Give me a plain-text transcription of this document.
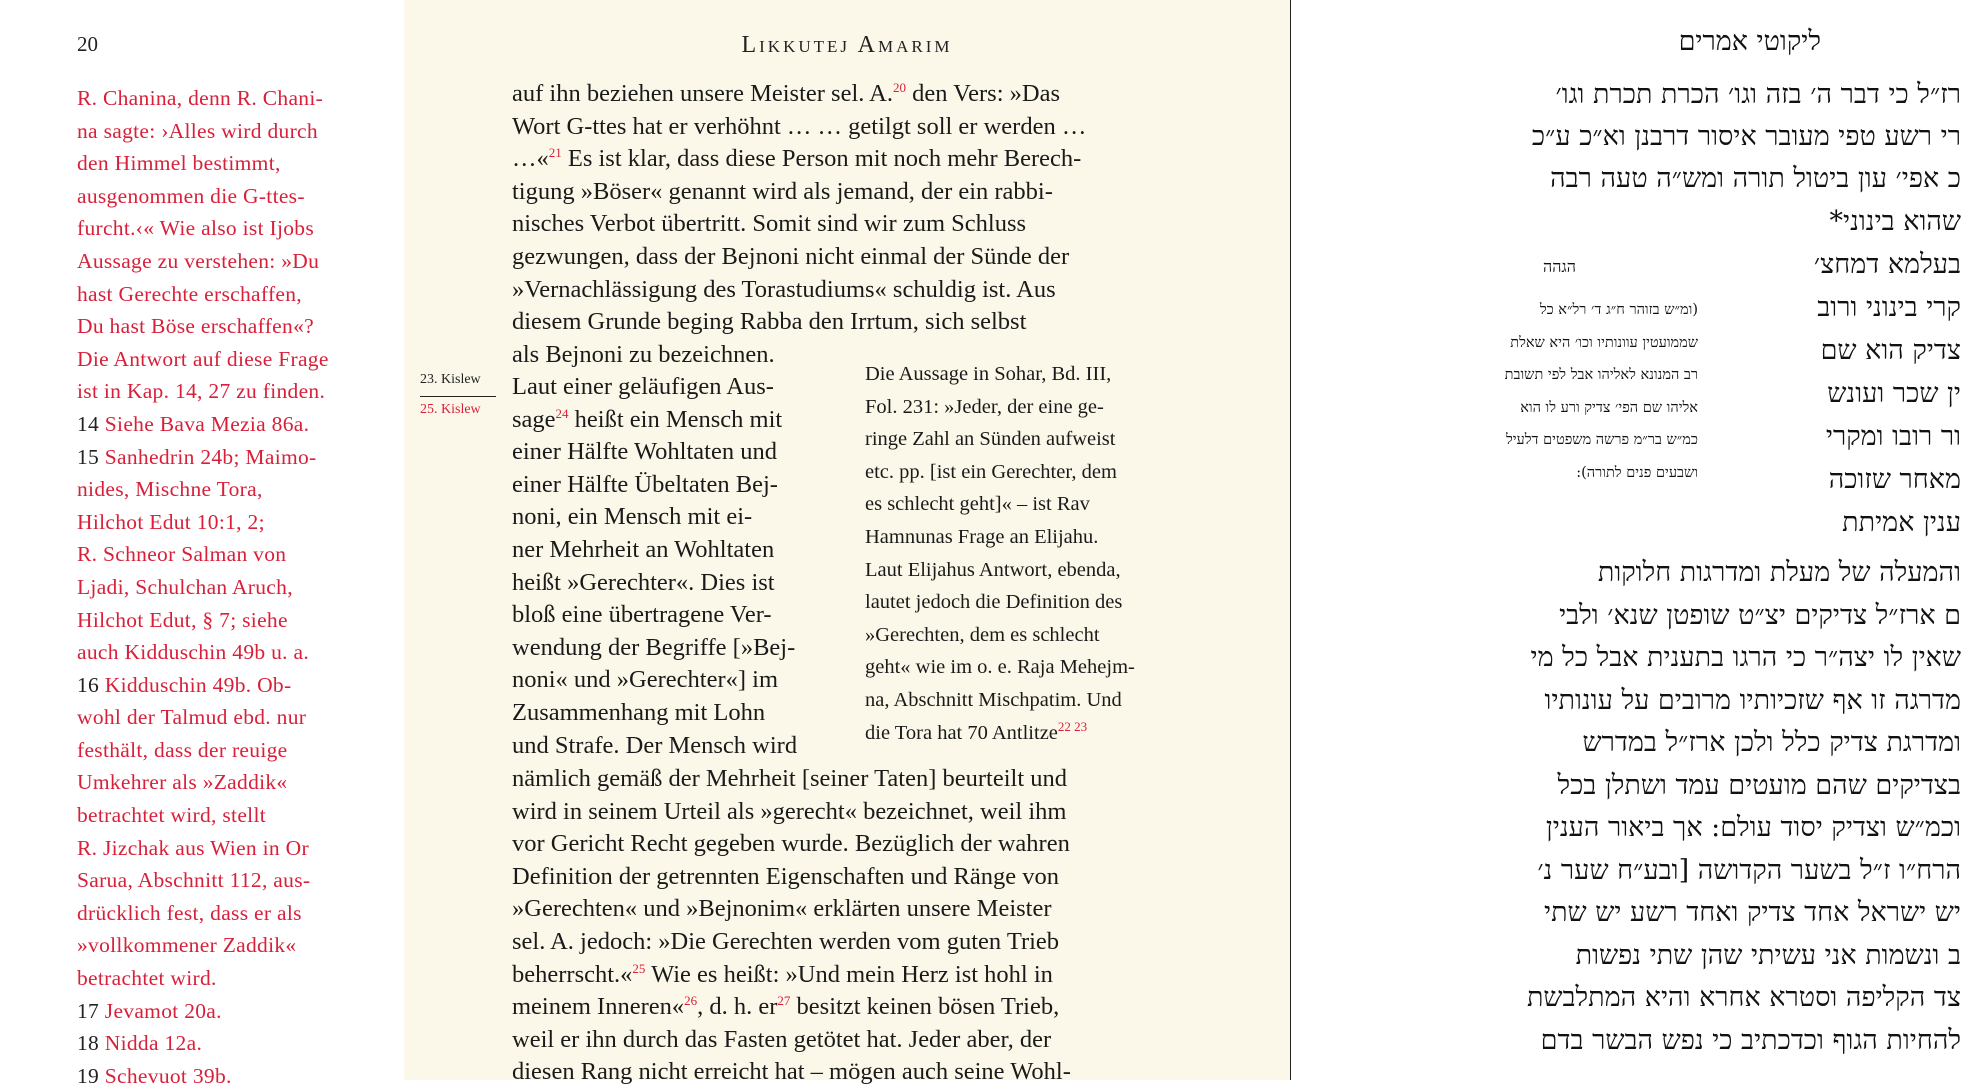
20
R. Chanina, denn R. Chani-
na sagte: ›Alles wird durch
den Himmel bestimmt,
ausgenommen die G-ttes-
furcht.‹« Wie also ist Ijobs
Aussage zu verstehen: »Du
hast Gerechte erschaffen,
Du hast Böse erschaffen«?
Die Antwort auf diese Frage
ist in Kap. 14, 27 zu finden.
14 Siehe Bava Mezia 86a.
15 Sanhedrin 24b; Maimo-
nides, Mischne Tora,
Hilchot Edut 10:1, 2;
R. Schneor Salman von
Ljadi, Schulchan Aruch,
Hilchot Edut, § 7; siehe
auch Kidduschin 49b u. a.
16 Kidduschin 49b. Ob-
wohl der Talmud ebd. nur
festhält, dass der reuige
Umkehrer als »Zaddik«
betrachtet wird, stellt
R. Jizchak aus Wien in Or
Sarua, Abschnitt 112, aus-
drücklich fest, dass er als
»vollkommener Zaddik«
betrachtet wird.
17 Jevamot 20a.
18 Nidda 12a.
19 Schevuot 39b.
Likkutej Amarim
23. Kislew
25. Kislew
auf ihn beziehen unsere Meister sel. A.$^{20}$ den Vers: »Das
Wort G-ttes hat er verhöhnt … … getilgt soll er werden …
…«$^{21}$ Es ist klar, dass diese Person mit noch mehr Berech-
tigung »Böser« genannt wird als jemand, der ein rabbi-
nisches Verbot übertritt. Somit sind wir zum Schluss
gezwungen, dass der Bejnoni nicht einmal der Sünde der
»Vernachlässigung des Torastudiums« schuldig ist. Aus
diesem Grunde beging Rabba den Irrtum, sich selbst
als Bejnoni zu bezeichnen.
Laut einer geläufigen Aus-
sage$^{24}$ heißt ein Mensch mit
einer Hälfte Wohltaten und
einer Hälfte Übeltaten Bej-
noni, ein Mensch mit ei-
ner Mehrheit an Wohltaten
heißt »Gerechter«. Dies ist
bloß eine übertragene Ver-
wendung der Begriffe [»Bej-
noni« und »Gerechter«] im
Zusammenhang mit Lohn
und Strafe. Der Mensch wird
Die Aussage in Sohar, Bd. III,
Fol. 231: »Jeder, der eine ge-
ringe Zahl an Sünden aufweist
etc. pp. [ist ein Gerechter, dem
es schlecht geht]« – ist Rav
Hamnunas Frage an Elijahu.
Laut Elijahus Antwort, ebenda,
lautet jedoch die Definition des
»Gerechten, dem es schlecht
geht« wie im o. e. Raja Mehejm-
na, Abschnitt Mischpatim. Und
die Tora hat 70 Antlitze$^{22}$ $^{23}$
nämlich gemäß der Mehrheit [seiner Taten] beurteilt und
wird in seinem Urteil als »gerecht« bezeichnet, weil ihm
vor Gericht Recht gegeben wurde. Bezüglich der wahren
Definition der getrennten Eigenschaften und Ränge von
»Gerechten« und »Bejnonim« erklärten unsere Meister
sel. A. jedoch: »Die Gerechten werden vom guten Trieb
beherrscht.«$^{25}$ Wie es heißt: »Und mein Herz ist hohl in
meinem Inneren«$^{26}$, d. h. er$^{27}$ besitzt keinen bösen Trieb,
weil er ihn durch das Fasten getötet hat. Jeder aber, der
diesen Rang nicht erreicht hat – mögen auch seine Wohl-
ליקוטי אמרים
רז״ל כי דבר ה׳ בזה וגו׳ הכרת תכרת וגו׳
רי רשע טפי מעובר איסור דרבנן וא״כ ע״כ
כ אפי׳ עון ביטול תורה ומש״ה טעה רבה
שהוא בינוני*
בעלמא דמחצ׳
קרי בינוני ורוב
צדיק הוא שם
ין שכר ועונש
ור רובו ומקרי
מאחר שזוכה
ענין אמיתת
הגהה
(ומ״ש בזוהר ח״ג ד׳ רל״א כל
שממועטין עוונותיו וכו׳ היא שאלת
רב המנונא לאליהו אבל לפי תשובת
אליהו שם הפי׳ צדיק ורע לו הוא
כמ״ש בר״מ פרשה משפטים דלעיל
ושבעים פנים לתורה):
והמעלה של מעלת ומדרגות חלוקות
ם ארז״ל צדיקים יצ״ט שופטן שנא׳ ולבי
שאין לו יצה״ר כי הרגו בתענית אבל כל מי
מדרגה זו אף שזכיותיו מרובים על עונותיו
ומדרגת צדיק כלל ולכן ארז״ל במדרש
בצדיקים שהם מועטים עמד ושתלן בכל
וכמ״ש וצדיק יסוד עולם: אך ביאור הענין
הרח״ו ז״ל בשער הקדושה [ובע״ח שער נ׳
יש ישראל אחד צדיק ואחד רשע יש שתי
ב ונשמות אני עשיתי שהן שתי נפשות
צד הקליפה וסטרא אחרא והיא המתלבשת
להחיות הגוף וכדכתיב כי נפש הבשר בדם
